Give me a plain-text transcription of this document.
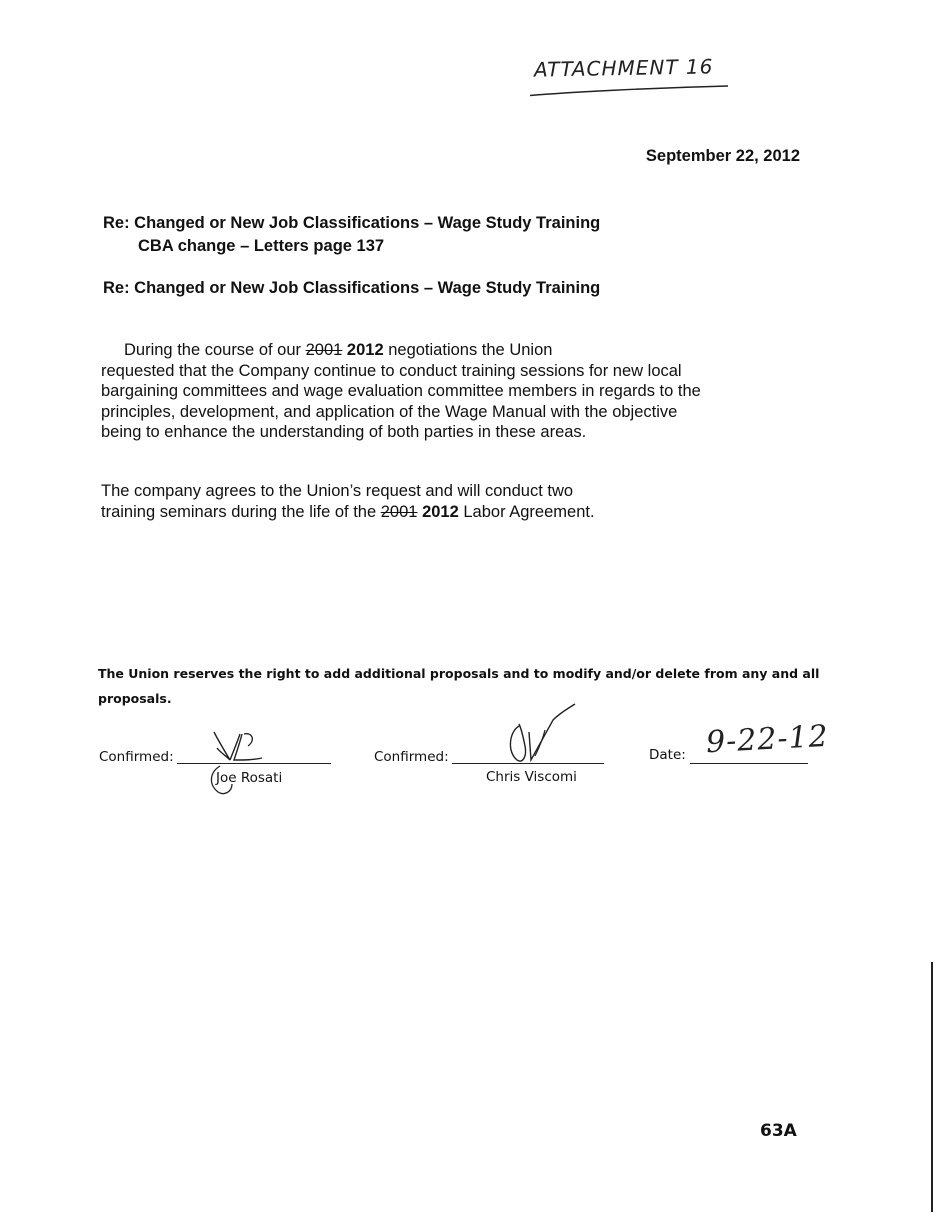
ATTACHMENT 16
September 22, 2012
Re: Changed or New Job Classifications – Wage Study Training
CBA change – Letters page 137
Re: Changed or New Job Classifications – Wage Study Training
During the course of our 2001 2012 negotiations the Union
requested that the Company continue to conduct training sessions for new local bargaining committees and wage evaluation committee members in regards to the principles, development, and application of the Wage Manual with the objective being to enhance the understanding of both parties in these areas.
The company agrees to the Union’s request and will conduct two
training seminars during the life of the 2001 2012 Labor Agreement.
The Union reserves the right to add additional proposals and to modify and/or delete from any and all proposals.
Confirmed:
Joe Rosati
Confirmed:
Chris Viscomi
Date: 9-22-12
63A
